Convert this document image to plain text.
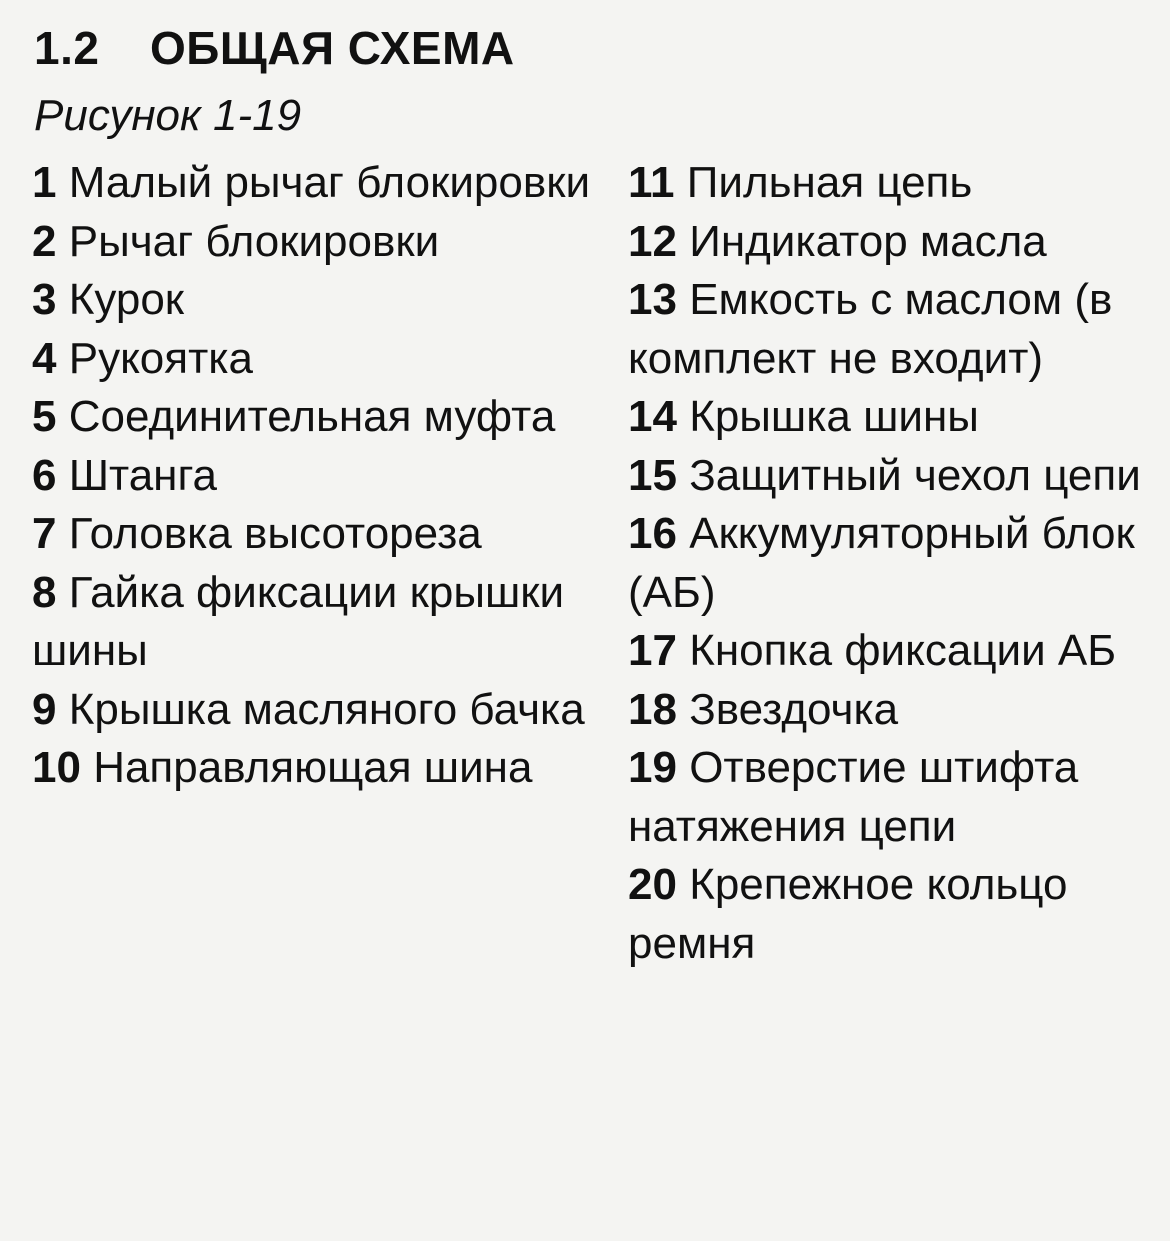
1.2 ОБЩАЯ СХЕМА

Рисунок 1-19

1 Малый рычаг блокировки
2 Рычаг блокировки
3 Курок
4 Рукоятка
5 Соединительная муфта
6 Штанга
7 Головка высотореза
8 Гайка фиксации крышки шины
9 Крышка масляного бачка
10 Направляющая шина
11 Пильная цепь
12 Индикатор масла
13 Емкость с маслом (в комплект не входит)
14 Крышка шины
15 Защитный чехол цепи
16 Аккумуляторный блок (АБ)
17 Кнопка фиксации АБ
18 Звездочка
19 Отверстие штифта натяжения цепи
20 Крепежное кольцо ремня
